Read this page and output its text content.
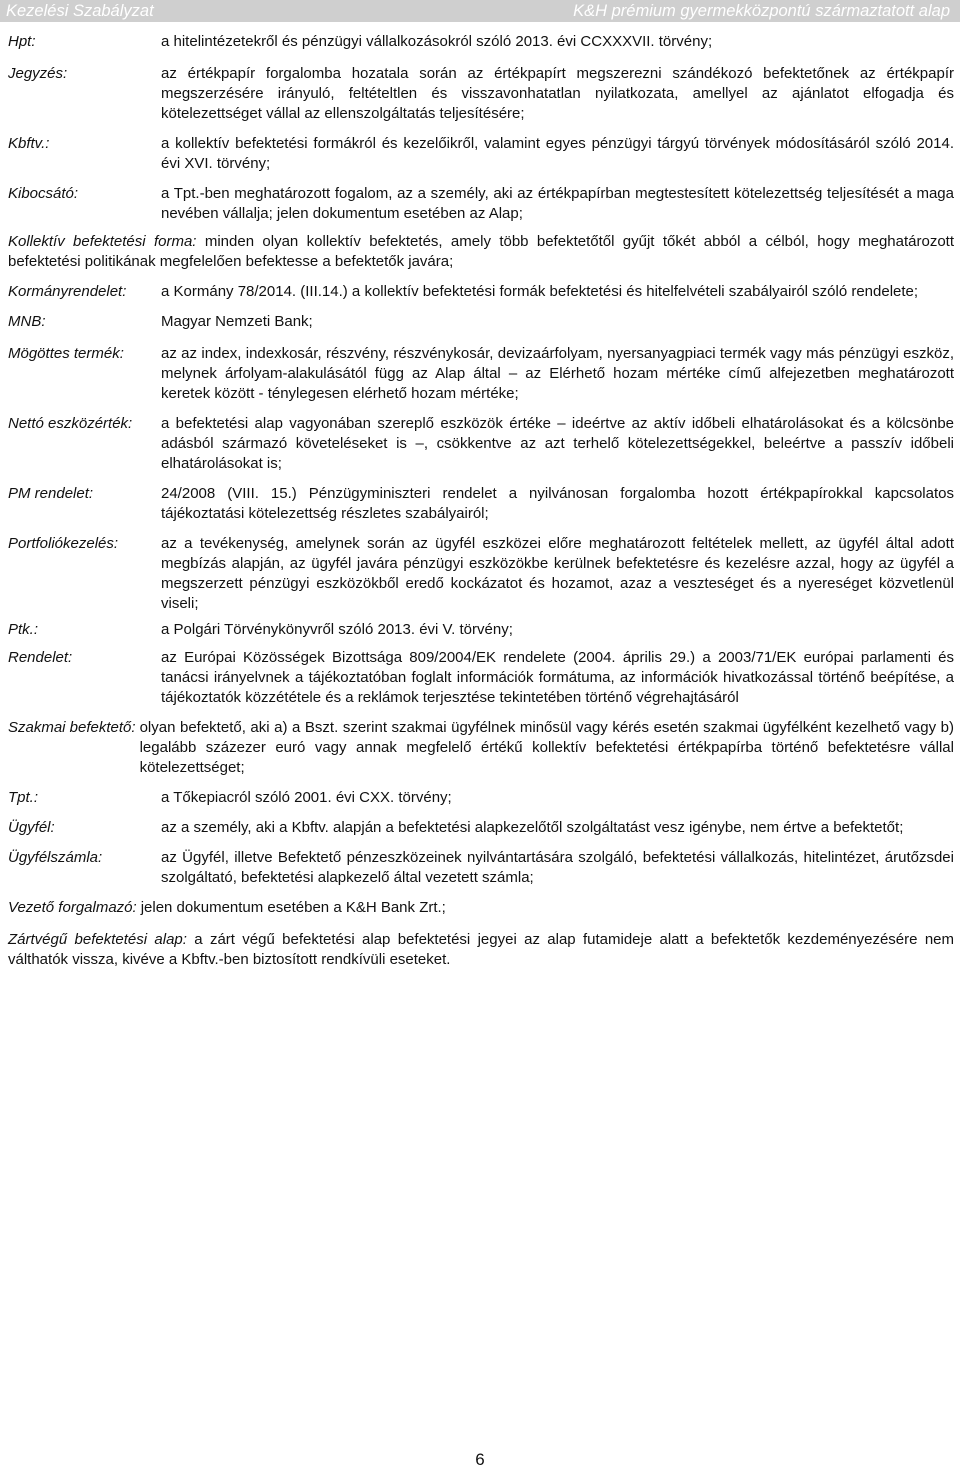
Kezelési Szabályzat	K&H prémium gyermekközpontú származtatott alap
Hpt:	a hitelintézetekről és pénzügyi vállalkozásokról szóló 2013. évi CCXXXVII. törvény;
Jegyzés:	az értékpapír forgalomba hozatala során az értékpapírt megszerezni szándékozó befektetőnek az értékpapír megszerzésére irányuló, feltételtlen és visszavonhatatlan nyilatkozata, amellyel az ajánlatot elfogadja és kötelezettséget vállal az ellenszolgáltatás teljesítésére;
Kbftv.:	a kollektív befektetési formákról és kezelőikről, valamint egyes pénzügyi tárgyú törvények módosításáról szóló 2014. évi XVI. törvény;
Kibocsátó:	a Tpt.-ben meghatározott fogalom, az a személy, aki az értékpapírban megtestesített kötelezettség teljesítését a maga nevében vállalja; jelen dokumentum esetében az Alap;
Kollektív befektetési forma: minden olyan kollektív befektetés, amely több befektetőtől gyűjt tőkét abból a célból, hogy meghatározott befektetési politikának megfelelően befektesse a befektetők javára;
Kormányrendelet:	a Kormány 78/2014. (III.14.) a kollektív befektetési formák befektetési és hitelfelvételi szabályairól szóló rendelete;
MNB:	Magyar Nemzeti Bank;
Mögöttes termék:	az az index, indexkosár, részvény, részvénykosár, devizaárfolyam, nyersanyagpiaci termék vagy más pénzügyi eszköz, melynek árfolyam-alakulásától függ az Alap által – az Elérhető hozam mértéke című alfejezetben meghatározott keretek között - ténylegesen elérhető hozam mértéke;
Nettó eszközérték:	a befektetési alap vagyonában szereplő eszközök értéke – ideértve az aktív időbeli elhatárolásokat és a kölcsönbe adásból származó követeléseket is –, csökkentve az azt terhelő kötelezettségekkel, beleértve a passzív időbeli elhatárolásokat is;
PM rendelet:	24/2008 (VIII. 15.) Pénzügyminiszteri rendelet a nyilvánosan forgalomba hozott értékpapírokkal kapcsolatos tájékoztatási kötelezettség részletes szabályairól;
Portfoliókezelés:	az a tevékenység, amelynek során az ügyfél eszközei előre meghatározott feltételek mellett, az ügyfél által adott megbízás alapján, az ügyfél javára pénzügyi eszközökbe kerülnek befektetésre és kezelésre azzal, hogy az ügyfél a megszerzett pénzügyi eszközökből eredő kockázatot és hozamot, azaz a veszteséget és a nyereséget közvetlenül viseli;
Ptk.:	a Polgári Törvénykönyvről szóló 2013. évi V. törvény;
Rendelet:	az Európai Közösségek Bizottsága 809/2004/EK rendelete (2004. április 29.) a 2003/71/EK európai parlamenti és tanácsi irányelvnek a tájékoztatóban foglalt információk formátuma, az információk hivatkozással történő beépítése, a tájékoztatók közzététele és a reklámok terjesztése tekintetében történő végrehajtásáról
Szakmai befektető: olyan befektető, aki a) a Bszt. szerint szakmai ügyfélnek minősül vagy kérés esetén szakmai ügyfélként kezelhető vagy b) legalább százezer euró vagy annak megfelelő értékű kollektív befektetési értékpapírba történő befektetésre vállal kötelezettséget;
Tpt.:	a Tőkepiacról szóló 2001. évi CXX. törvény;
Ügyfél:	az a személy, aki a Kbftv. alapján a befektetési alapkezelőtől szolgáltatást vesz igénybe, nem értve a befektetőt;
Ügyfélszámla:	az Ügyfél, illetve Befektető pénzeszközeinek nyilvántartására szolgáló, befektetési vállalkozás, hitelintézet, árutőzsdei szolgáltató, befektetési alapkezelő által vezetett számla;
Vezető forgalmazó: jelen dokumentum esetében a K&H Bank Zrt.;
Zártvégű befektetési alap: a zárt végű befektetési alap befektetési jegyei az alap futamideje alatt a befektetők kezdeményezésére nem válthatók vissza, kivéve a Kbftv.-ben biztosított rendkívüli eseteket.
6
